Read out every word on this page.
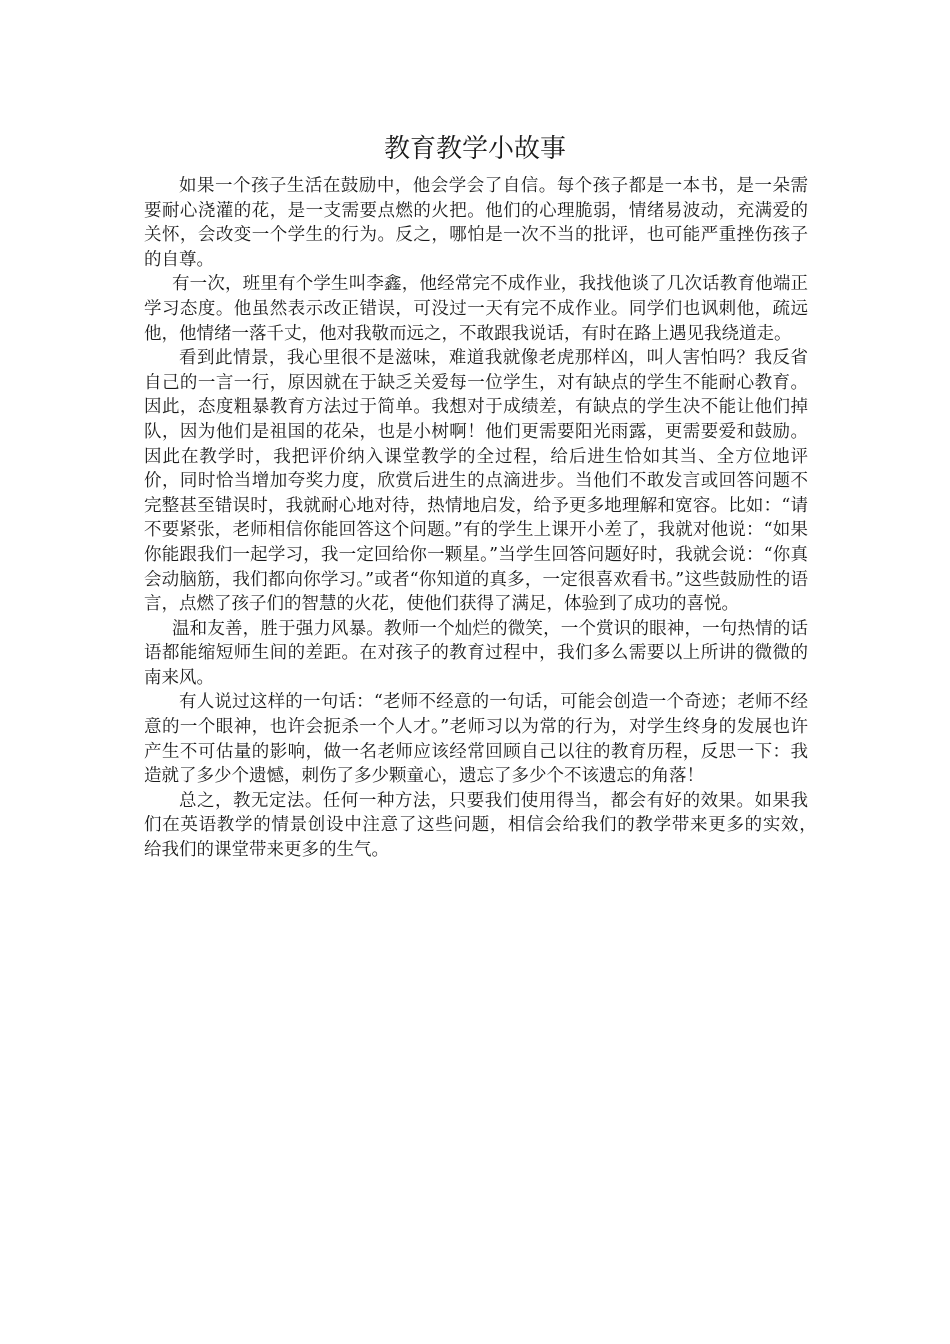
教育教学小故事

如果一个孩子生活在鼓励中，他会学会了自信。每个孩子都是一本书，是一朵需要耐心浇灌的花，是一支需要点燃的火把。他们的心理脆弱，情绪易波动，充满爱的关怀，会改变一个学生的行为。反之，哪怕是一次不当的批评，也可能严重挫伤孩子的自尊。

有一次，班里有个学生叫李鑫，他经常完不成作业，我找他谈了几次话教育他端正学习态度。他虽然表示改正错误，可没过一天有完不成作业。同学们也讽刺他，疏远他，他情绪一落千丈，他对我敬而远之，不敢跟我说话，有时在路上遇见我绕道走。

看到此情景，我心里很不是滋味，难道我就像老虎那样凶，叫人害怕吗？我反省自己的一言一行，原因就在于缺乏关爱每一位学生，对有缺点的学生不能耐心教育。因此，态度粗暴教育方法过于简单。我想对于成绩差，有缺点的学生决不能让他们掉队，因为他们是祖国的花朵，也是小树啊！他们更需要阳光雨露，更需要爱和鼓励。因此在教学时，我把评价纳入课堂教学的全过程，给后进生恰如其当、全方位地评价，同时恰当增加夸奖力度，欣赏后进生的点滴进步。当他们不敢发言或回答问题不完整甚至错误时，我就耐心地对待，热情地启发，给予更多地理解和宽容。比如：“请不要紧张，老师相信你能回答这个问题。”有的学生上课开小差了，我就对他说：“如果你能跟我们一起学习，我一定回给你一颗星。”当学生回答问题好时，我就会说：“你真会动脑筋，我们都向你学习。”或者“你知道的真多，一定很喜欢看书。”这些鼓励性的语言，点燃了孩子们的智慧的火花，使他们获得了满足，体验到了成功的喜悦。

温和友善，胜于强力风暴。教师一个灿烂的微笑，一个赏识的眼神，一句热情的话语都能缩短师生间的差距。在对孩子的教育过程中，我们多么需要以上所讲的微微的南来风。

有人说过这样的一句话：“老师不经意的一句话，可能会创造一个奇迹；老师不经意的一个眼神，也许会扼杀一个人才。”老师习以为常的行为，对学生终身的发展也许产生不可估量的影响，做一名老师应该经常回顾自己以往的教育历程，反思一下：我造就了多少个遗憾，刺伤了多少颗童心，遗忘了多少个不该遗忘的角落！

总之，教无定法。任何一种方法，只要我们使用得当，都会有好的效果。如果我们在英语教学的情景创设中注意了这些问题，相信会给我们的教学带来更多的实效，　给我们的课堂带来更多的生气。
